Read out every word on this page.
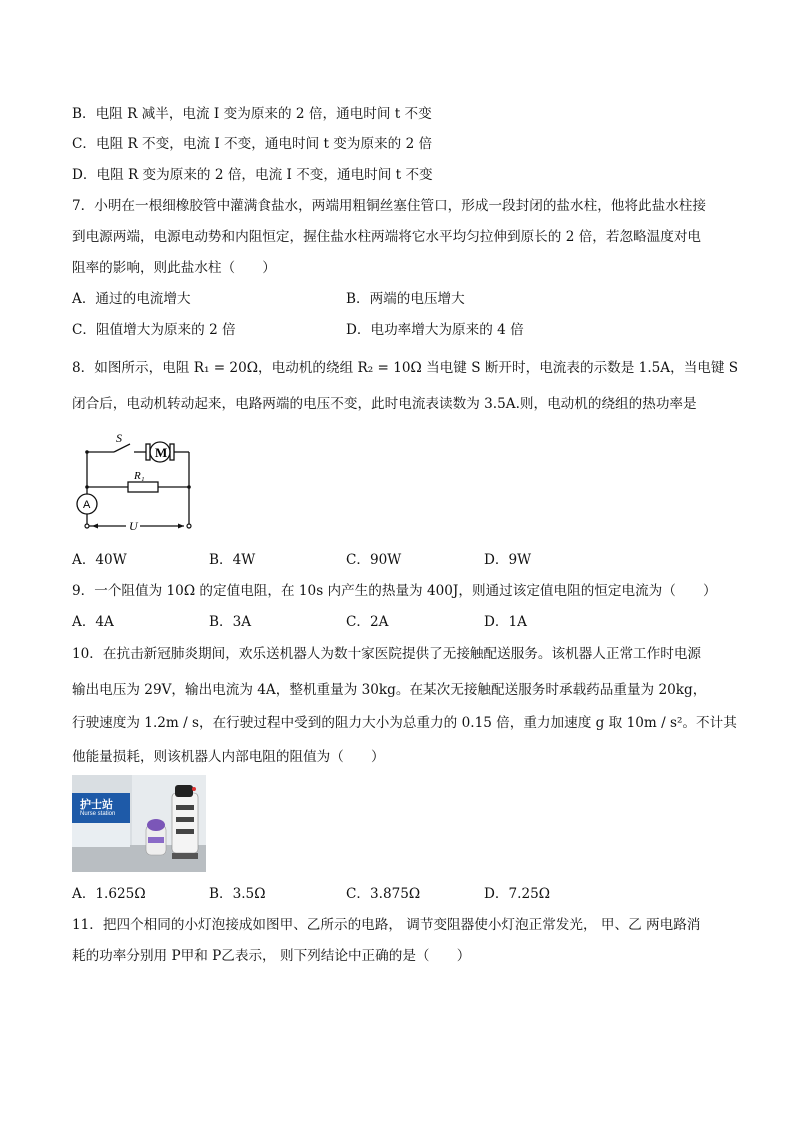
B．电阻 R 减半，电流 I 变为原来的 2 倍，通电时间 t 不变
C．电阻 R 不变，电流 I 不变，通电时间 t 变为原来的 2 倍
D．电阻 R 变为原来的 2 倍，电流 I 不变，通电时间 t 不变
7．小明在一根细橡胶管中灌满食盐水，两端用粗铜丝塞住管口，形成一段封闭的盐水柱，他将此盐水柱接
到电源两端，电源电动势和内阻恒定，握住盐水柱两端将它水平均匀拉伸到原长的 2 倍，若忽略温度对电
阻率的影响，则此盐水柱（　　）
A．通过的电流增大	B．两端的电压增大
C．阻值增大为原来的 2 倍	D．电功率增大为原来的 4 倍
8．如图所示，电阻 R₁ = 20Ω，电动机的绕组 R₂ = 10Ω 当电键 S 断开时，电流表的示数是 1.5A，当电键 S
闭合后，电动机转动起来，电路两端的电压不变，此时电流表读数为 3.5A.则，电动机的绕组的热功率是
S
M
R₁
A
U
A．40W	B．4W	C．90W	D．9W
9．一个阻值为 10Ω 的定值电阻，在 10s 内产生的热量为 400J，则通过该定值电阻的恒定电流为（　　）
A．4A	B．3A	C．2A	D．1A
10．在抗击新冠肺炎期间，欢乐送机器人为数十家医院提供了无接触配送服务。该机器人正常工作时电源
输出电压为 29V，输出电流为 4A，整机重量为 30kg。在某次无接触配送服务时承载药品重量为 20kg，
行驶速度为 1.2m / s，在行驶过程中受到的阻力大小为总重力的 0.15 倍，重力加速度 g 取 10m / s²。不计其
他能量损耗，则该机器人内部电阻的阻值为（　　）
护士站
Nurse station
A．1.625Ω	B．3.5Ω	C．3.875Ω	D．7.25Ω
11．把四个相同的小灯泡接成如图甲、乙所示的电路， 调节变阻器使小灯泡正常发光， 甲、乙 两电路消
耗的功率分别用 P甲和 P乙表示， 则下列结论中正确的是（　　）
